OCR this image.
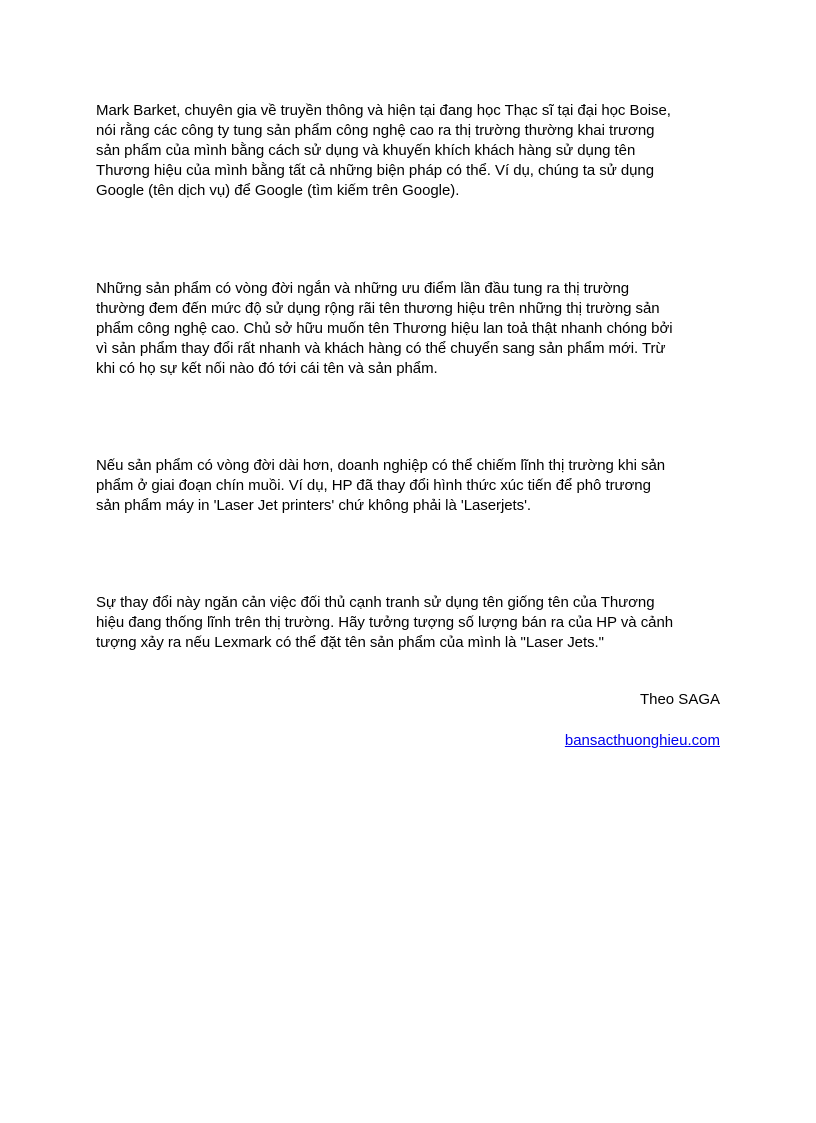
Mark Barket, chuyên gia về truyền thông và hiện tại đang học Thạc sĩ tại đại học Boise,
nói rằng các công ty tung sản phẩm công nghệ cao ra thị trường thường khai trương
sản phẩm của mình bằng cách sử dụng và khuyến khích khách hàng sử dụng tên
Thương hiệu của mình bằng tất cả những biện pháp có thể. Ví dụ, chúng ta sử dụng
Google (tên dịch vụ) để Google (tìm kiếm trên Google).

Những sản phẩm có vòng đời ngắn và những ưu điểm lần đầu tung ra thị trường
thường đem đến mức độ sử dụng rộng rãi tên thương hiệu trên những thị trường sản
phẩm công nghệ cao. Chủ sở hữu muốn tên Thương hiệu lan toả thật nhanh chóng bởi
vì sản phẩm thay đổi rất nhanh và khách hàng có thể chuyển sang sản phẩm mới. Trừ
khi có họ sự kết nối nào đó tới cái tên và sản phẩm.

Nếu sản phẩm có vòng đời dài hơn, doanh nghiệp có thể chiếm lĩnh thị trường khi sản
phẩm ở giai đoạn chín muồi. Ví dụ, HP đã thay đổi hình thức xúc tiến để phô trương
sản phẩm máy in 'Laser Jet printers' chứ không phải là 'Laserjets'.

Sự thay đổi này ngăn cản việc đối thủ cạnh tranh sử dụng tên giống tên của Thương
hiệu đang thống lĩnh trên thị trường. Hãy tưởng tượng số lượng bán ra của HP và cảnh
tượng xảy ra nếu Lexmark có thể đặt tên sản phẩm của mình là "Laser Jets."

Theo SAGA
bansacthuonghieu.com
